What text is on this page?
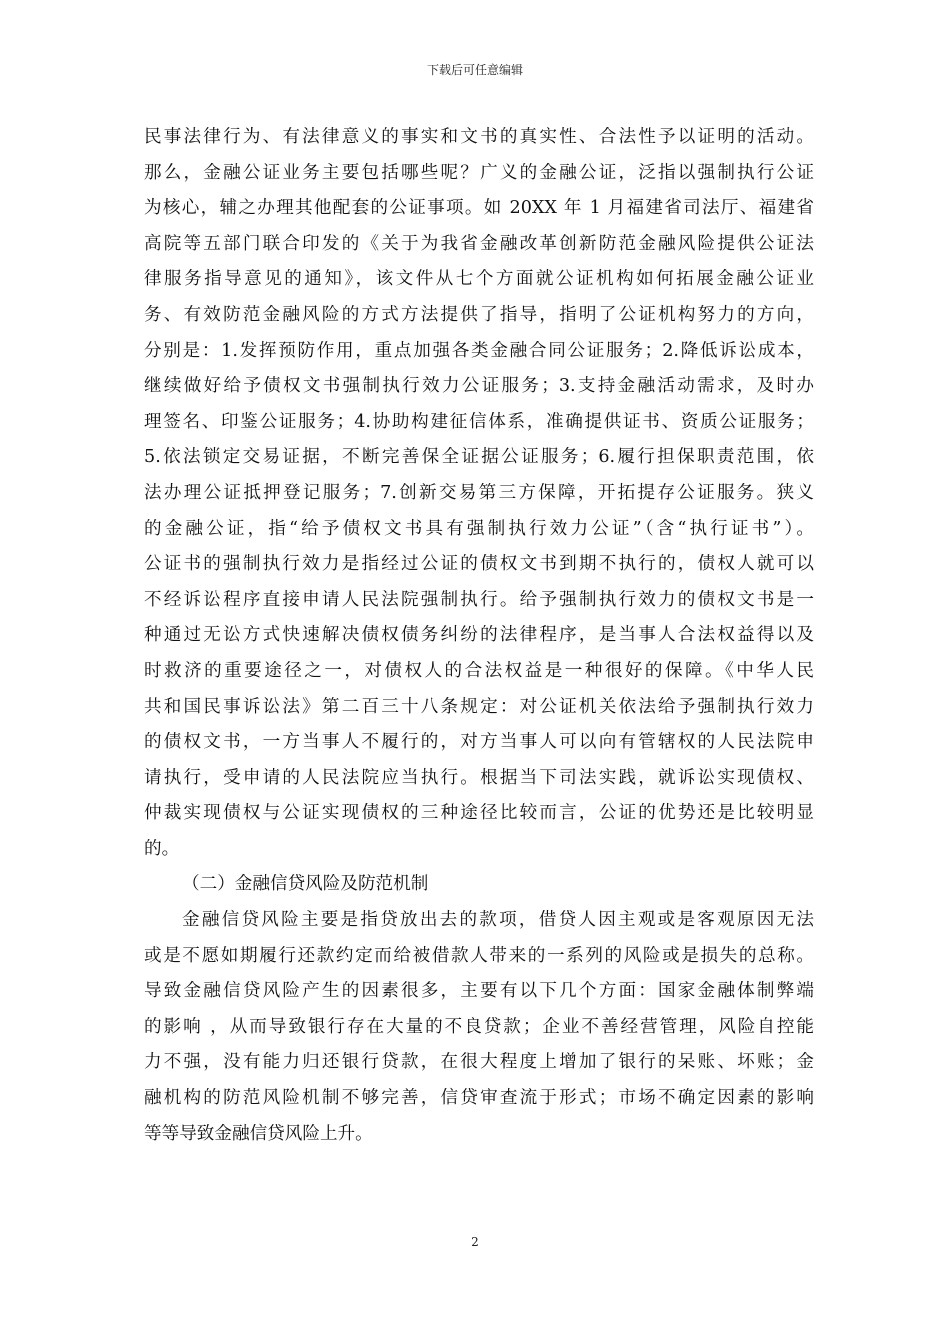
下载后可任意编辑
民事法律行为、有法律意义的事实和文书的真实性、合法性予以证明的活动。
那么，金融公证业务主要包括哪些呢？广义的金融公证，泛指以强制执行公证
为核心，辅之办理其他配套的公证事项。如 20XX 年 1 月福建省司法厅、福建省
高院等五部门联合印发的《关于为我省金融改革创新防范金融风险提供公证法
律服务指导意见的通知》，该文件从七个方面就公证机构如何拓展金融公证业
务、有效防范金融风险的方式方法提供了指导，指明了公证机构努力的方向，
分别是：1.发挥预防作用，重点加强各类金融合同公证服务；2.降低诉讼成本，
继续做好给予债权文书强制执行效力公证服务；3.支持金融活动需求，及时办
理签名、印鉴公证服务；4.协助构建征信体系，准确提供证书、资质公证服务；
5.依法锁定交易证据，不断完善保全证据公证服务；6.履行担保职责范围，依
法办理公证抵押登记服务；7.创新交易第三方保障，开拓提存公证服务。狭义
的金融公证，指“给予债权文书具有强制执行效力公证”（含“执行证书”）。
公证书的强制执行效力是指经过公证的债权文书到期不执行的，债权人就可以
不经诉讼程序直接申请人民法院强制执行。给予强制执行效力的债权文书是一
种通过无讼方式快速解决债权债务纠纷的法律程序，是当事人合法权益得以及
时救济的重要途径之一，对债权人的合法权益是一种很好的保障。《中华人民
共和国民事诉讼法》第二百三十八条规定：对公证机关依法给予强制执行效力
的债权文书，一方当事人不履行的，对方当事人可以向有管辖权的人民法院申
请执行，受申请的人民法院应当执行。根据当下司法实践，就诉讼实现债权、
仲裁实现债权与公证实现债权的三种途径比较而言，公证的优势还是比较明显
的。
（二）金融信贷风险及防范机制
金融信贷风险主要是指贷放出去的款项，借贷人因主观或是客观原因无法
或是不愿如期履行还款约定而给被借款人带来的一系列的风险或是损失的总称。
导致金融信贷风险产生的因素很多，主要有以下几个方面：国家金融体制弊端
的影响 ，从而导致银行存在大量的不良贷款；企业不善经营管理，风险自控能
力不强，没有能力归还银行贷款，在很大程度上增加了银行的呆账、坏账；金
融机构的防范风险机制不够完善，信贷审查流于形式；市场不确定因素的影响
等等导致金融信贷风险上升。
2
